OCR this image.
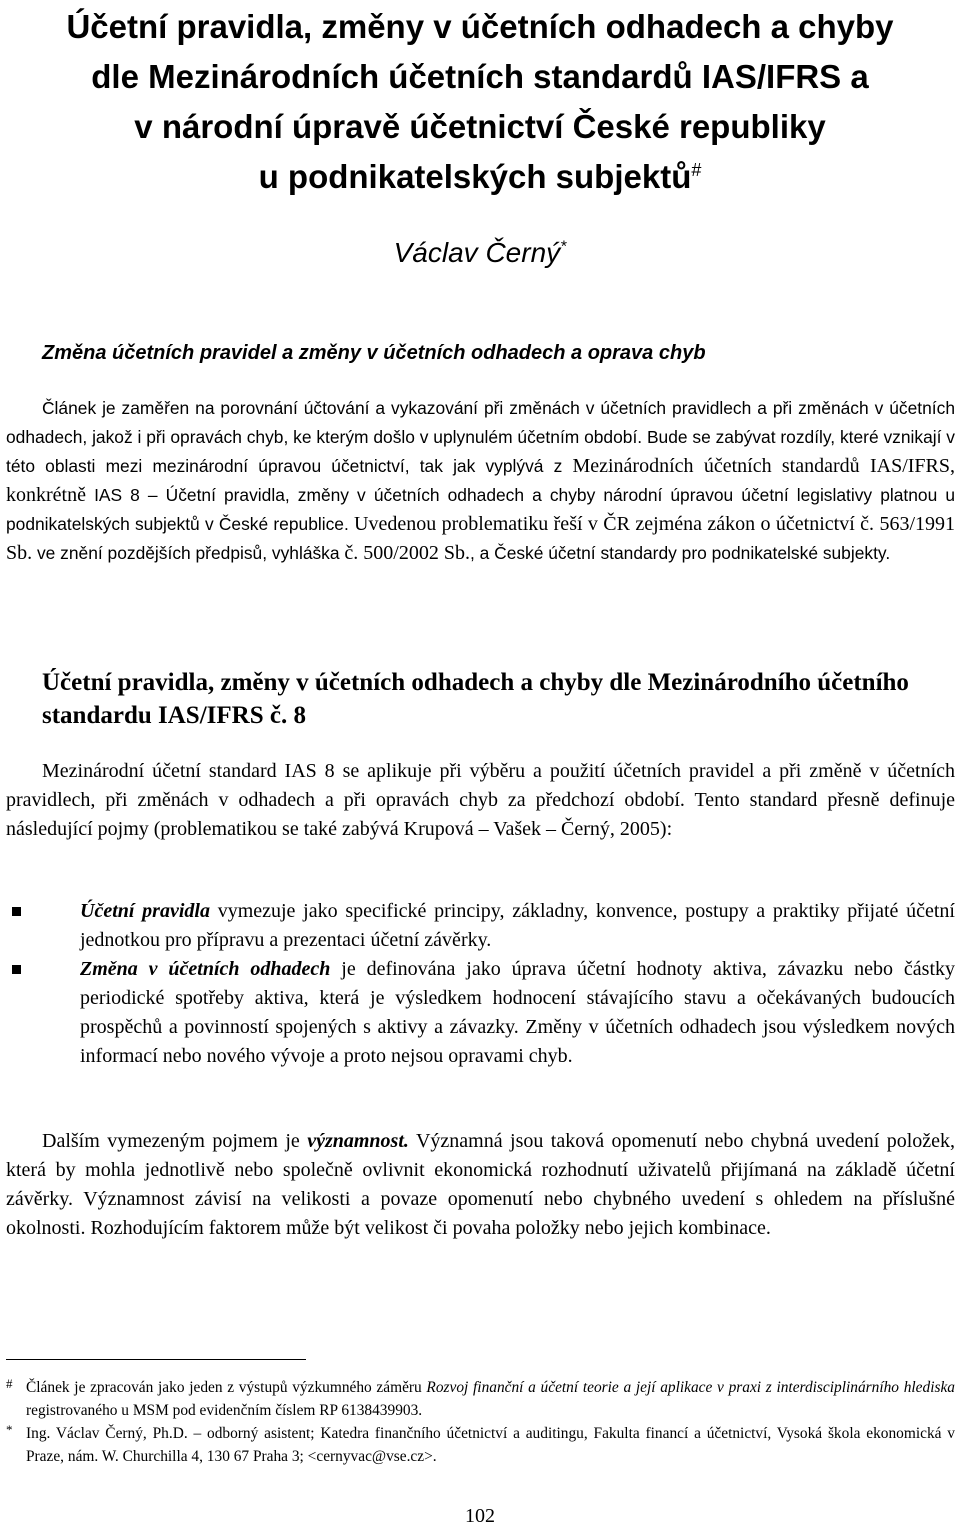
Účetní pravidla, změny v účetních odhadech a chyby
dle Mezinárodních účetních standardů IAS/IFRS a
v národní úpravě účetnictví České republiky
u podnikatelských subjektů#

Václav Černý*

Změna účetních pravidel a změny v účetních odhadech a oprava chyb

Článek je zaměřen na porovnání účtování a vykazování při změnách v účetních pravidlech a při změnách v účetních odhadech, jakož i při opravách chyb, ke kterým došlo v uplynulém účetním období. Bude se zabývat rozdíly, které vznikají v této oblasti mezi mezinárodní úpravou účetnictví, tak jak vyplývá z Mezinárodních účetních standardů IAS/IFRS, konkrétně IAS 8 – Účetní pravidla, změny v účetních odhadech a chyby národní úpravou účetní legislativy platnou u podnikatelských subjektů v České republice. Uvedenou problematiku řeší v ČR zejména zákon o účetnictví č. 563/1991 Sb. ve znění pozdějších předpisů, vyhláška č. 500/2002 Sb., a České účetní standardy pro podnikatelské subjekty.

Účetní pravidla, změny v účetních odhadech a chyby dle Mezinárodního účetního standardu IAS/IFRS č. 8

Mezinárodní účetní standard IAS 8 se aplikuje při výběru a použití účetních pravidel a při změně v účetních pravidlech, při změnách v odhadech a při opravách chyb za předchozí období. Tento standard přesně definuje následující pojmy (problematikou se také zabývá Krupová – Vašek – Černý, 2005):

Účetní pravidla vymezuje jako specifické principy, základny, konvence, postupy a praktiky přijaté účetní jednotkou pro přípravu a prezentaci účetní závěrky.
Změna v účetních odhadech je definována jako úprava účetní hodnoty aktiva, závazku nebo částky periodické spotřeby aktiva, která je výsledkem hodnocení stávajícího stavu a očekávaných budoucích prospěchů a povinností spojených s aktivy a závazky. Změny v účetních odhadech jsou výsledkem nových informací nebo nového vývoje a proto nejsou opravami chyb.

Dalším vymezeným pojmem je významnost. Významná jsou taková opomenutí nebo chybná uvedení položek, která by mohla jednotlivě nebo společně ovlivnit ekonomická rozhodnutí uživatelů přijímaná na základě účetní závěrky. Významnost závisí na velikosti a povaze opomenutí nebo chybného uvedení s ohledem na příslušné okolnosti. Rozhodujícím faktorem může být velikost či povaha položky nebo jejich kombinace.

# Článek je zpracován jako jeden z výstupů výzkumného záměru Rozvoj finanční a účetní teorie a její aplikace v praxi z interdisciplinárního hlediska registrovaného u MSM pod evidenčním číslem RP 6138439903.
* Ing. Václav Černý, Ph.D. – odborný asistent; Katedra finančního účetnictví a auditingu, Fakulta financí a účetnictví, Vysoká škola ekonomická v Praze, nám. W. Churchilla 4, 130 67 Praha 3; <cernyvac@vse.cz>.
102
